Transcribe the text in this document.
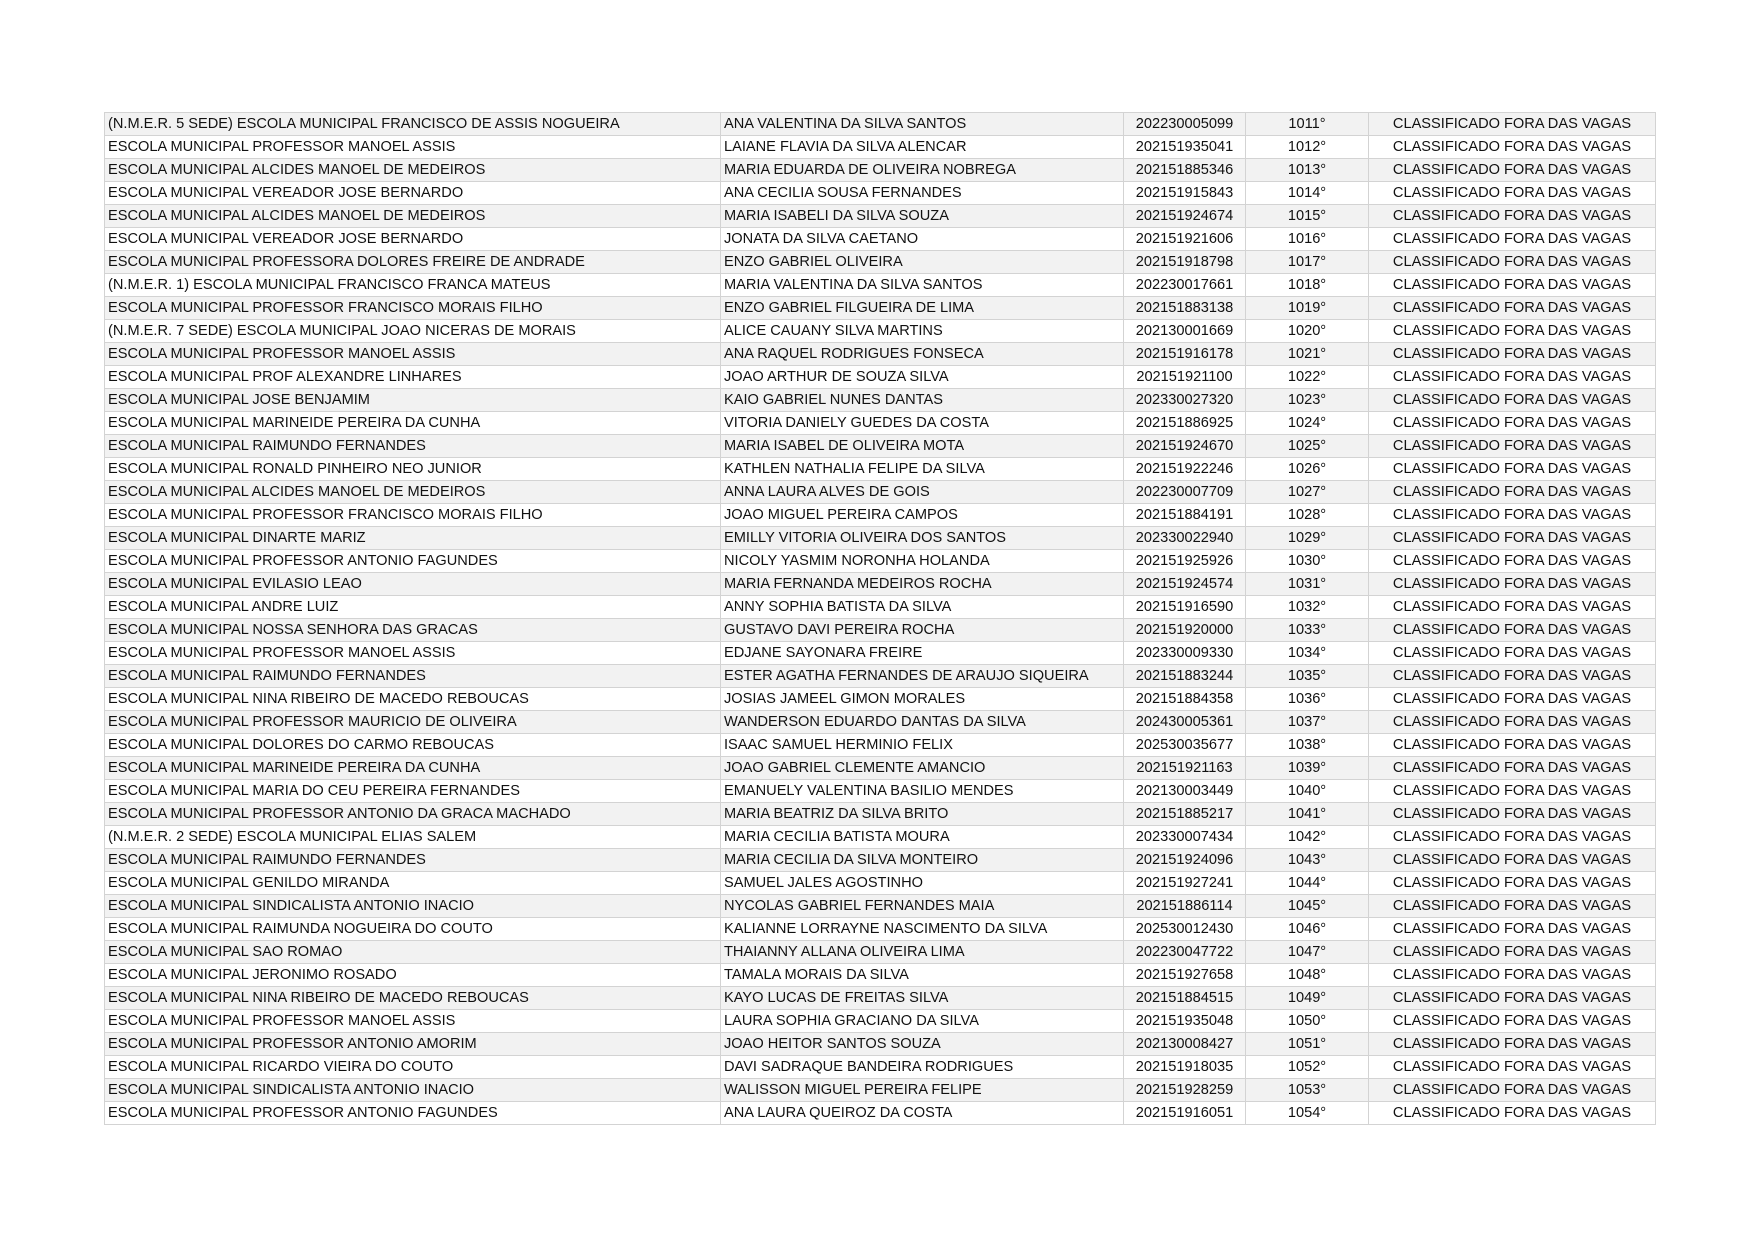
(N.M.E.R. 5 SEDE) ESCOLA MUNICIPAL FRANCISCO DE ASSIS NOGUEIRA	ANA VALENTINA DA SILVA SANTOS	202230005099	1011°	CLASSIFICADO FORA DAS VAGAS
ESCOLA MUNICIPAL PROFESSOR MANOEL ASSIS	LAIANE FLAVIA DA SILVA ALENCAR	202151935041	1012°	CLASSIFICADO FORA DAS VAGAS
ESCOLA MUNICIPAL ALCIDES MANOEL DE MEDEIROS	MARIA EDUARDA DE OLIVEIRA NOBREGA	202151885346	1013°	CLASSIFICADO FORA DAS VAGAS
ESCOLA MUNICIPAL VEREADOR JOSE BERNARDO	ANA CECILIA SOUSA FERNANDES	202151915843	1014°	CLASSIFICADO FORA DAS VAGAS
ESCOLA MUNICIPAL ALCIDES MANOEL DE MEDEIROS	MARIA ISABELI DA SILVA SOUZA	202151924674	1015°	CLASSIFICADO FORA DAS VAGAS
ESCOLA MUNICIPAL VEREADOR JOSE BERNARDO	JONATA DA SILVA CAETANO	202151921606	1016°	CLASSIFICADO FORA DAS VAGAS
ESCOLA MUNICIPAL PROFESSORA DOLORES FREIRE DE ANDRADE	ENZO GABRIEL OLIVEIRA	202151918798	1017°	CLASSIFICADO FORA DAS VAGAS
(N.M.E.R. 1) ESCOLA MUNICIPAL FRANCISCO FRANCA MATEUS	MARIA VALENTINA DA SILVA SANTOS	202230017661	1018°	CLASSIFICADO FORA DAS VAGAS
ESCOLA MUNICIPAL PROFESSOR FRANCISCO MORAIS FILHO	ENZO GABRIEL FILGUEIRA DE LIMA	202151883138	1019°	CLASSIFICADO FORA DAS VAGAS
(N.M.E.R. 7 SEDE) ESCOLA MUNICIPAL JOAO NICERAS DE MORAIS	ALICE CAUANY SILVA MARTINS	202130001669	1020°	CLASSIFICADO FORA DAS VAGAS
ESCOLA MUNICIPAL PROFESSOR MANOEL ASSIS	ANA RAQUEL RODRIGUES FONSECA	202151916178	1021°	CLASSIFICADO FORA DAS VAGAS
ESCOLA MUNICIPAL PROF ALEXANDRE LINHARES	JOAO ARTHUR DE SOUZA SILVA	202151921100	1022°	CLASSIFICADO FORA DAS VAGAS
ESCOLA MUNICIPAL JOSE BENJAMIM	KAIO GABRIEL NUNES DANTAS	202330027320	1023°	CLASSIFICADO FORA DAS VAGAS
ESCOLA MUNICIPAL MARINEIDE PEREIRA DA CUNHA	VITORIA DANIELY GUEDES DA COSTA	202151886925	1024°	CLASSIFICADO FORA DAS VAGAS
ESCOLA MUNICIPAL RAIMUNDO FERNANDES	MARIA ISABEL DE OLIVEIRA MOTA	202151924670	1025°	CLASSIFICADO FORA DAS VAGAS
ESCOLA MUNICIPAL RONALD PINHEIRO NEO JUNIOR	KATHLEN NATHALIA FELIPE DA SILVA	202151922246	1026°	CLASSIFICADO FORA DAS VAGAS
ESCOLA MUNICIPAL ALCIDES MANOEL DE MEDEIROS	ANNA LAURA ALVES DE GOIS	202230007709	1027°	CLASSIFICADO FORA DAS VAGAS
ESCOLA MUNICIPAL PROFESSOR FRANCISCO MORAIS FILHO	JOAO MIGUEL PEREIRA CAMPOS	202151884191	1028°	CLASSIFICADO FORA DAS VAGAS
ESCOLA MUNICIPAL DINARTE MARIZ	EMILLY VITORIA OLIVEIRA DOS SANTOS	202330022940	1029°	CLASSIFICADO FORA DAS VAGAS
ESCOLA MUNICIPAL PROFESSOR ANTONIO FAGUNDES	NICOLY YASMIM NORONHA HOLANDA	202151925926	1030°	CLASSIFICADO FORA DAS VAGAS
ESCOLA MUNICIPAL EVILASIO LEAO	MARIA FERNANDA MEDEIROS ROCHA	202151924574	1031°	CLASSIFICADO FORA DAS VAGAS
ESCOLA MUNICIPAL ANDRE LUIZ	ANNY SOPHIA BATISTA DA SILVA	202151916590	1032°	CLASSIFICADO FORA DAS VAGAS
ESCOLA MUNICIPAL NOSSA SENHORA DAS GRACAS	GUSTAVO DAVI PEREIRA ROCHA	202151920000	1033°	CLASSIFICADO FORA DAS VAGAS
ESCOLA MUNICIPAL PROFESSOR MANOEL ASSIS	EDJANE SAYONARA FREIRE	202330009330	1034°	CLASSIFICADO FORA DAS VAGAS
ESCOLA MUNICIPAL RAIMUNDO FERNANDES	ESTER AGATHA FERNANDES DE ARAUJO SIQUEIRA	202151883244	1035°	CLASSIFICADO FORA DAS VAGAS
ESCOLA MUNICIPAL NINA RIBEIRO DE MACEDO REBOUCAS	JOSIAS JAMEEL GIMON MORALES	202151884358	1036°	CLASSIFICADO FORA DAS VAGAS
ESCOLA MUNICIPAL PROFESSOR MAURICIO DE OLIVEIRA	WANDERSON EDUARDO DANTAS DA SILVA	202430005361	1037°	CLASSIFICADO FORA DAS VAGAS
ESCOLA MUNICIPAL DOLORES DO CARMO REBOUCAS	ISAAC SAMUEL HERMINIO FELIX	202530035677	1038°	CLASSIFICADO FORA DAS VAGAS
ESCOLA MUNICIPAL MARINEIDE PEREIRA DA CUNHA	JOAO GABRIEL CLEMENTE AMANCIO	202151921163	1039°	CLASSIFICADO FORA DAS VAGAS
ESCOLA MUNICIPAL MARIA DO CEU PEREIRA FERNANDES	EMANUELY VALENTINA BASILIO MENDES	202130003449	1040°	CLASSIFICADO FORA DAS VAGAS
ESCOLA MUNICIPAL PROFESSOR ANTONIO DA GRACA MACHADO	MARIA BEATRIZ DA SILVA BRITO	202151885217	1041°	CLASSIFICADO FORA DAS VAGAS
(N.M.E.R. 2 SEDE) ESCOLA MUNICIPAL ELIAS SALEM	MARIA CECILIA BATISTA MOURA	202330007434	1042°	CLASSIFICADO FORA DAS VAGAS
ESCOLA MUNICIPAL RAIMUNDO FERNANDES	MARIA CECILIA DA SILVA MONTEIRO	202151924096	1043°	CLASSIFICADO FORA DAS VAGAS
ESCOLA MUNICIPAL GENILDO MIRANDA	SAMUEL JALES AGOSTINHO	202151927241	1044°	CLASSIFICADO FORA DAS VAGAS
ESCOLA MUNICIPAL SINDICALISTA ANTONIO INACIO	NYCOLAS GABRIEL FERNANDES MAIA	202151886114	1045°	CLASSIFICADO FORA DAS VAGAS
ESCOLA MUNICIPAL RAIMUNDA NOGUEIRA DO COUTO	KALIANNE LORRAYNE NASCIMENTO DA SILVA	202530012430	1046°	CLASSIFICADO FORA DAS VAGAS
ESCOLA MUNICIPAL SAO ROMAO	THAIANNY ALLANA OLIVEIRA LIMA	202230047722	1047°	CLASSIFICADO FORA DAS VAGAS
ESCOLA MUNICIPAL JERONIMO ROSADO	TAMALA MORAIS DA SILVA	202151927658	1048°	CLASSIFICADO FORA DAS VAGAS
ESCOLA MUNICIPAL NINA RIBEIRO DE MACEDO REBOUCAS	KAYO LUCAS DE FREITAS SILVA	202151884515	1049°	CLASSIFICADO FORA DAS VAGAS
ESCOLA MUNICIPAL PROFESSOR MANOEL ASSIS	LAURA SOPHIA GRACIANO DA SILVA	202151935048	1050°	CLASSIFICADO FORA DAS VAGAS
ESCOLA MUNICIPAL PROFESSOR ANTONIO AMORIM	JOAO HEITOR SANTOS SOUZA	202130008427	1051°	CLASSIFICADO FORA DAS VAGAS
ESCOLA MUNICIPAL RICARDO VIEIRA DO COUTO	DAVI SADRAQUE BANDEIRA RODRIGUES	202151918035	1052°	CLASSIFICADO FORA DAS VAGAS
ESCOLA MUNICIPAL SINDICALISTA ANTONIO INACIO	WALISSON MIGUEL PEREIRA FELIPE	202151928259	1053°	CLASSIFICADO FORA DAS VAGAS
ESCOLA MUNICIPAL PROFESSOR ANTONIO FAGUNDES	ANA LAURA QUEIROZ DA COSTA	202151916051	1054°	CLASSIFICADO FORA DAS VAGAS
